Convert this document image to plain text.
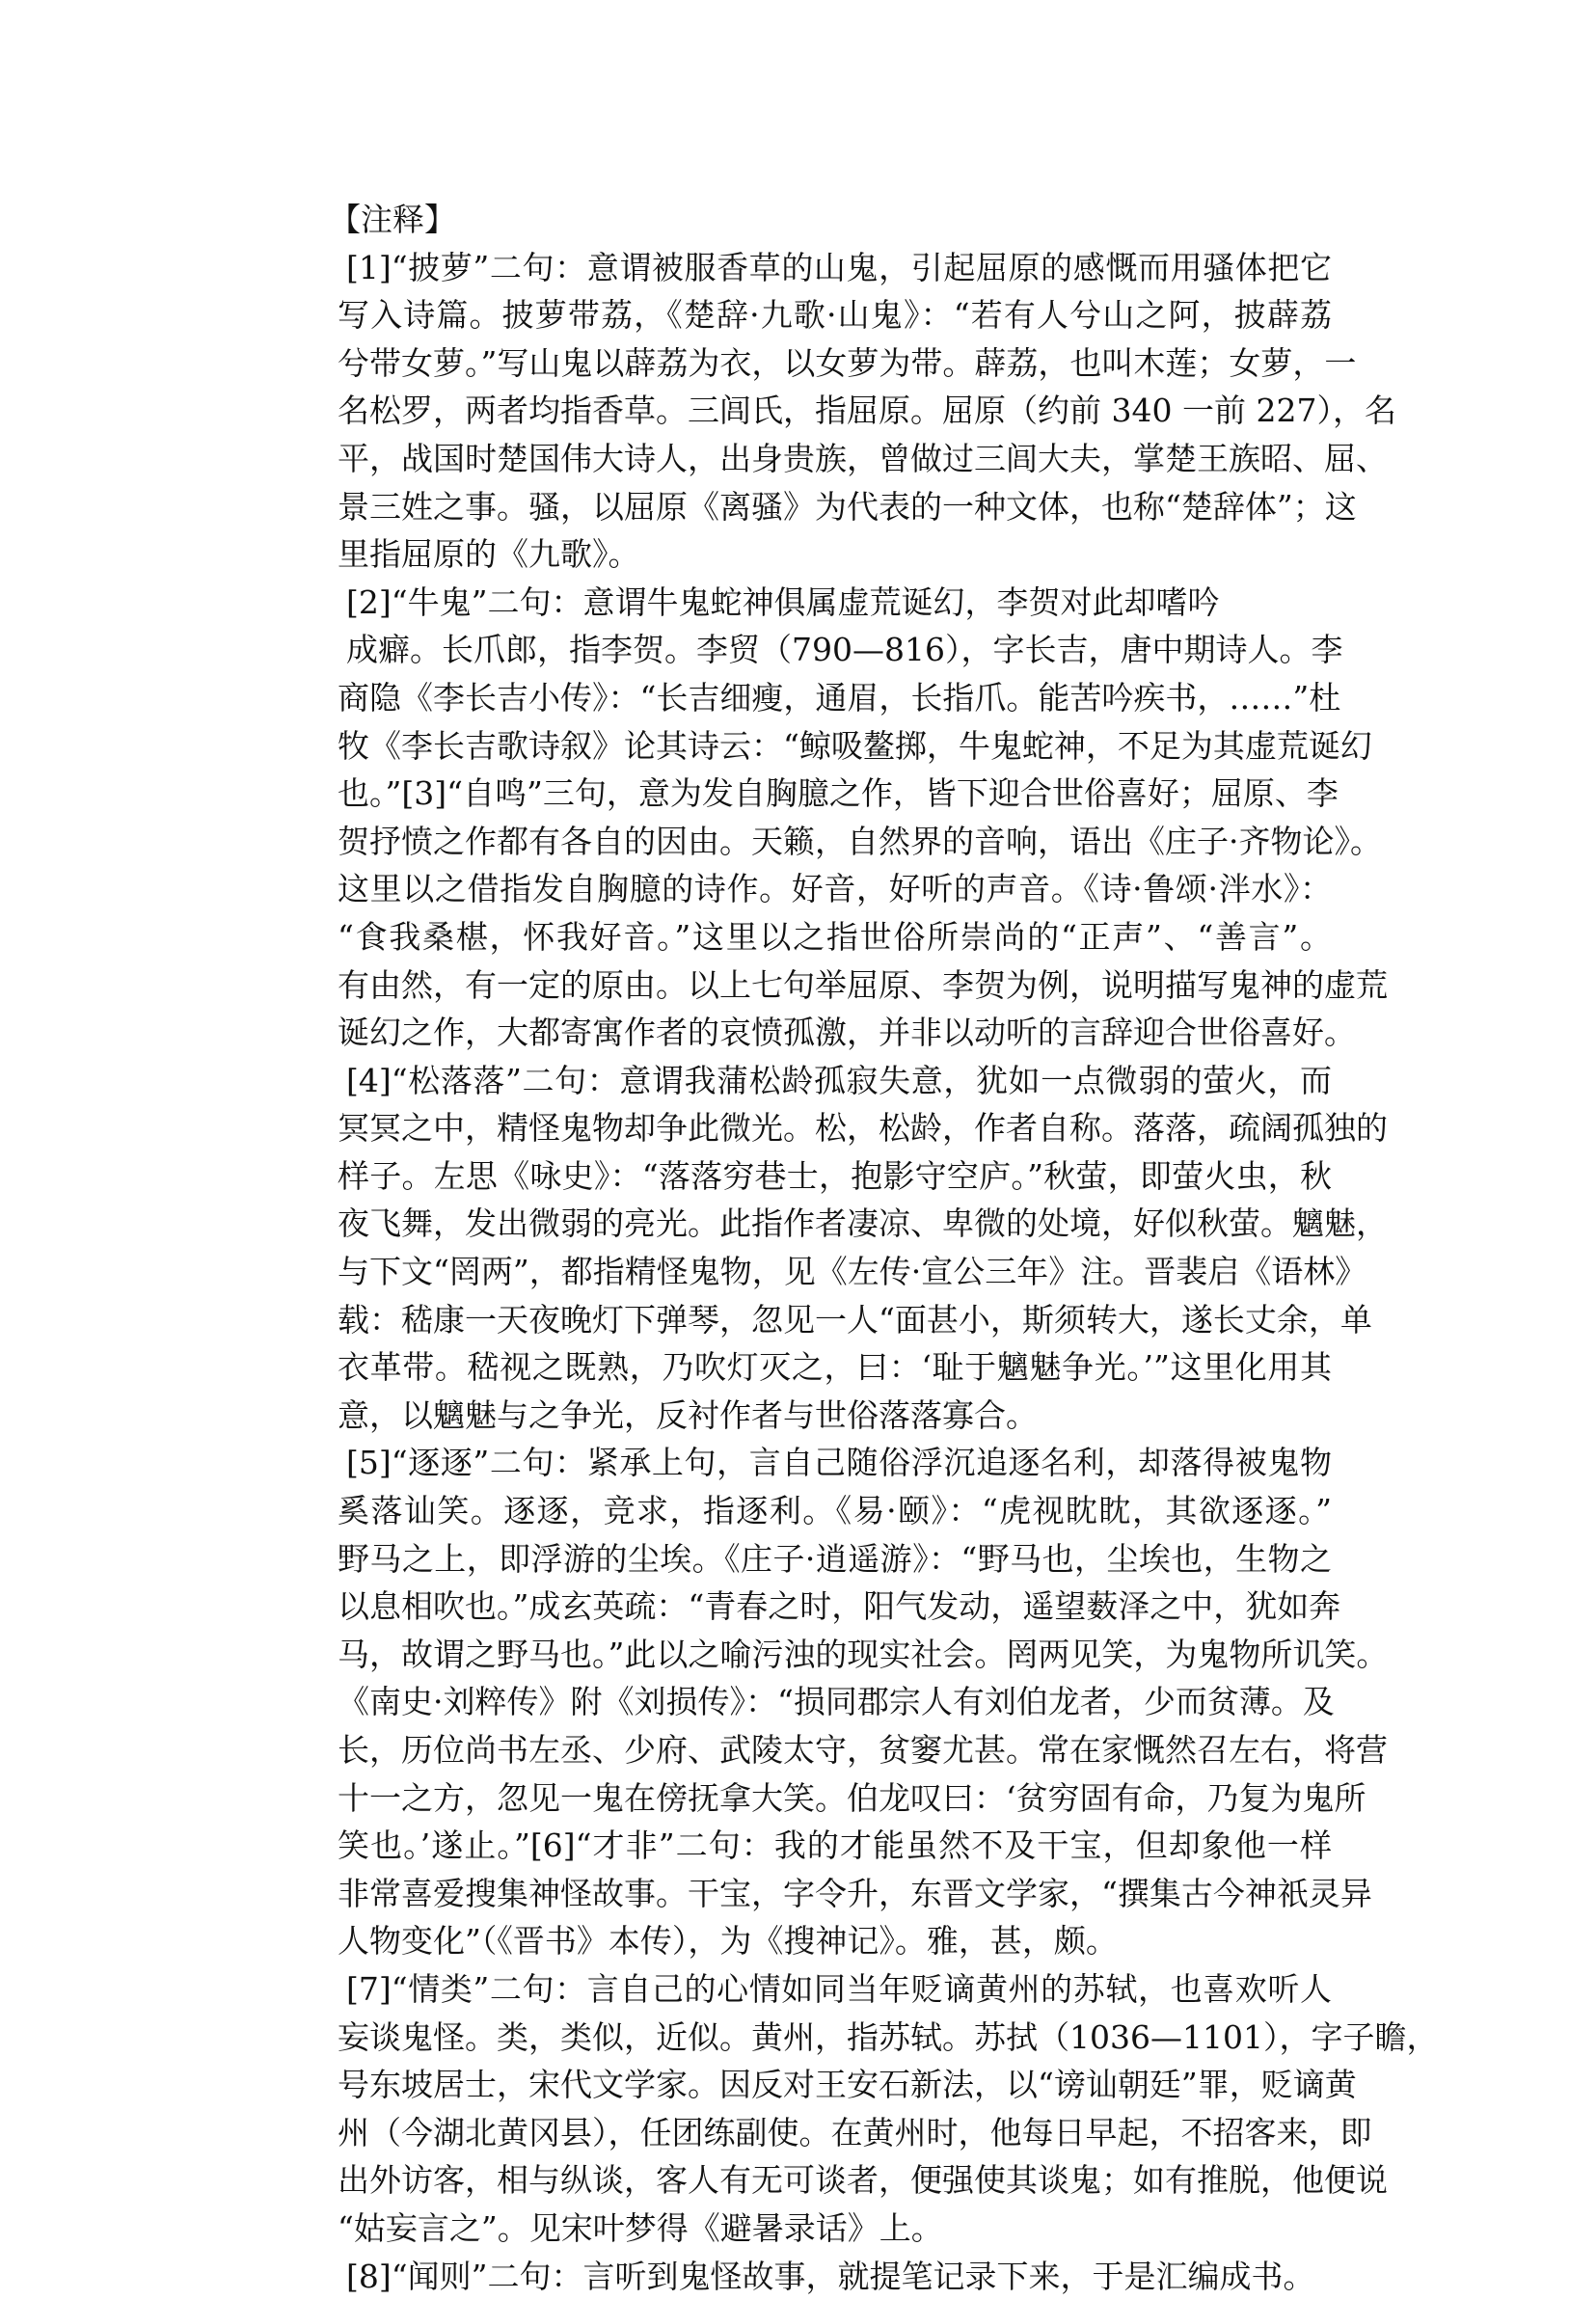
【注释】
[1]“披萝”二句：意谓被服香草的山鬼，引起屈原的感慨而用骚体把它
写入诗篇。披萝带荔，《楚辞·九歌·山鬼》：“若有人兮山之阿，披薜荔
兮带女萝。”写山鬼以薜荔为衣，以女萝为带。薜荔，也叫木莲；女萝，一
名松罗，两者均指香草。三闾氏，指屈原。屈原（约前 340 一前 227），名
平，战国时楚国伟大诗人，出身贵族，曾做过三闾大夫，掌楚王族昭、屈、
景三姓之事。骚，以屈原《离骚》为代表的一种文体，也称“楚辞体”；这
里指屈原的《九歌》。
[2]“牛鬼”二句：意谓牛鬼蛇神俱属虚荒诞幻，李贺对此却嗜吟
成癖。长爪郎，指李贺。李贸（790—816），字长吉，唐中期诗人。李
商隐《李长吉小传》：“长吉细瘦，通眉，长指爪。能苦吟疾书，……”杜
牧《李长吉歌诗叙》论其诗云：“鲸吸鳌掷，牛鬼蛇神，不足为其虚荒诞幻
也。”[3]“自鸣”三句，意为发自胸臆之作，皆下迎合世俗喜好；屈原、李
贺抒愤之作都有各自的因由。天籁，自然界的音响，语出《庄子·齐物论》。
这里以之借指发自胸臆的诗作。好音，好听的声音。《诗·鲁颂·泮水》：
“食我桑椹，怀我好音。”这里以之指世俗所崇尚的“正声”、“善言”。
有由然，有一定的原由。以上七句举屈原、李贺为例，说明描写鬼神的虚荒
诞幻之作，大都寄寓作者的哀愤孤激，并非以动听的言辞迎合世俗喜好。
[4]“松落落”二句：意谓我蒲松龄孤寂失意，犹如一点微弱的萤火，而
冥冥之中，精怪鬼物却争此微光。松，松龄，作者自称。落落，疏阔孤独的
样子。左思《咏史》：“落落穷巷士，抱影守空庐。”秋萤，即萤火虫，秋
夜飞舞，发出微弱的亮光。此指作者凄凉、卑微的处境，好似秋萤。魑魅，
与下文“罔两”，都指精怪鬼物，见《左传·宣公三年》注。晋裴启《语林》
载：嵇康一天夜晚灯下弹琴，忽见一人“面甚小，斯须转大，遂长丈余，单
衣革带。嵇视之既熟，乃吹灯灭之，曰：‘耻于魑魅争光。’”这里化用其
意，以魑魅与之争光，反衬作者与世俗落落寡合。
[5]“逐逐”二句：紧承上句，言自己随俗浮沉追逐名利，却落得被鬼物
奚落讪笑。逐逐，竞求，指逐利。《易·颐》：“虎视眈眈，其欲逐逐。”
野马之上，即浮游的尘埃。《庄子·逍遥游》：“野马也，尘埃也，生物之
以息相吹也。”成玄英疏：“青春之时，阳气发动，遥望薮泽之中，犹如奔
马，故谓之野马也。”此以之喻污浊的现实社会。罔两见笑，为鬼物所讥笑。
《南史·刘粹传》附《刘损传》：“损同郡宗人有刘伯龙者，少而贫薄。及
长，历位尚书左丞、少府、武陵太守，贫窭尤甚。常在家慨然召左右，将营
十一之方，忽见一鬼在傍抚拿大笑。伯龙叹曰：‘贫穷固有命，乃复为鬼所
笑也。’遂止。”[6]“才非”二句：我的才能虽然不及干宝，但却象他一样
非常喜爱搜集神怪故事。干宝，字令升，东晋文学家，“撰集古今神祇灵异
人物变化”（《晋书》本传），为《搜神记》。雅，甚，颇。
[7]“情类”二句：言自己的心情如同当年贬谪黄州的苏轼，也喜欢听人
妄谈鬼怪。类，类似，近似。黄州，指苏轼。苏拭（1036—1101），字子瞻，
号东坡居士，宋代文学家。因反对王安石新法，以“谤讪朝廷”罪，贬谪黄
州（今湖北黄冈县），任团练副使。在黄州时，他每日早起，不招客来，即
出外访客，相与纵谈，客人有无可谈者，便强使其谈鬼；如有推脱，他便说
“姑妄言之”。见宋叶梦得《避暑录话》上。
[8]“闻则”二句：言听到鬼怪故事，就提笔记录下来，于是汇编成书。
